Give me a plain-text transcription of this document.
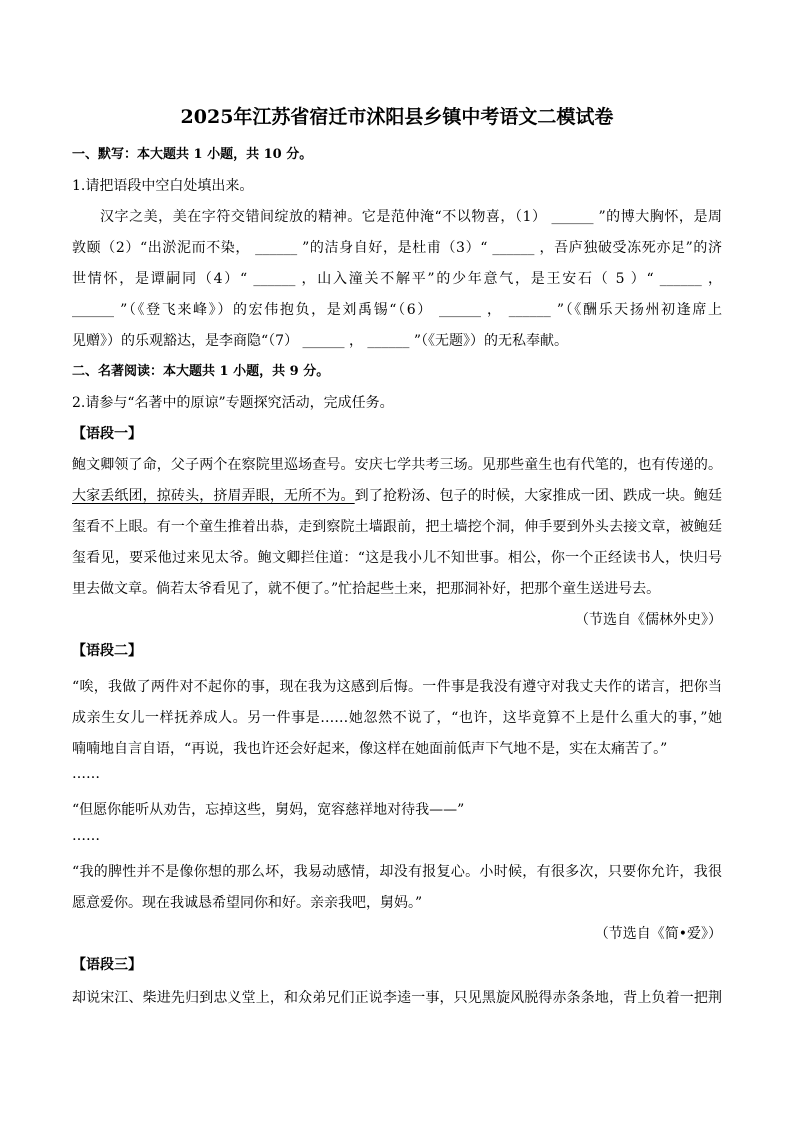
2025年江苏省宿迁市沭阳县乡镇中考语文二模试卷
一、默写：本大题共 1 小题，共 10 分。
1.请把语段中空白处填出来。
汉字之美，美在字符交错间绽放的精神。它是范仲淹“不以物喜，（1） ______ ”的博大胸怀，是周
敦颐（2）“出淤泥而不染， ______ ”的洁身自好，是杜甫（3）“ ______ ，吾庐独破受冻死亦足”的济
世情怀，是谭嗣同（4）“ ______ ，山入潼关不解平”的少年意气，是王安石（ 5 ）“ ______ ，
______ ”（《登飞来峰》）的宏伟抱负，是刘禹锡“（6） ______ ， ______ ”（《酬乐天扬州初逢席上
见赠》）的乐观豁达，是李商隐“（7） ______ ， ______ ”（《无题》）的无私奉献。
二、名著阅读：本大题共 1 小题，共 9 分。
2.请参与“名著中的原谅”专题探究活动，完成任务。
【语段一】
鲍文卿领了命，父子两个在察院里巡场查号。安庆七学共考三场。见那些童生也有代笔的，也有传递的。
大家丢纸团，掠砖头，挤眉弄眼，无所不为。到了抢粉汤、包子的时候，大家推成一团、跌成一块。鲍廷
玺看不上眼。有一个童生推着出恭，走到察院土墙跟前，把土墙挖个洞，伸手要到外头去接文章，被鲍廷
玺看见，要采他过来见太爷。鲍文卿拦住道：“这是我小儿不知世事。相公，你一个正经读书人，快归号
里去做文章。倘若太爷看见了，就不便了。”忙拾起些土来，把那洞补好，把那个童生送进号去。
（节选自《儒林外史》）
【语段二】
“唉，我做了两件对不起你的事，现在我为这感到后悔。一件事是我没有遵守对我丈夫作的诺言，把你当
成亲生女儿一样抚养成人。另一件事是……她忽然不说了，“也许，这毕竟算不上是什么重大的事，”她
喃喃地自言自语，“再说，我也许还会好起来，像这样在她面前低声下气地不是，实在太痛苦了。”
……
“但愿你能听从劝告，忘掉这些，舅妈，宽容慈祥地对待我——”
……
“我的脾性并不是像你想的那么坏，我易动感情，却没有报复心。小时候，有很多次，只要你允许，我很
愿意爱你。现在我诚恳希望同你和好。亲亲我吧，舅妈。”
（节选自《简•爱》）
【语段三】
却说宋江、柴进先归到忠义堂上，和众弟兄们正说李逵一事，只见黑旋风脱得赤条条地，背上负着一把荆
